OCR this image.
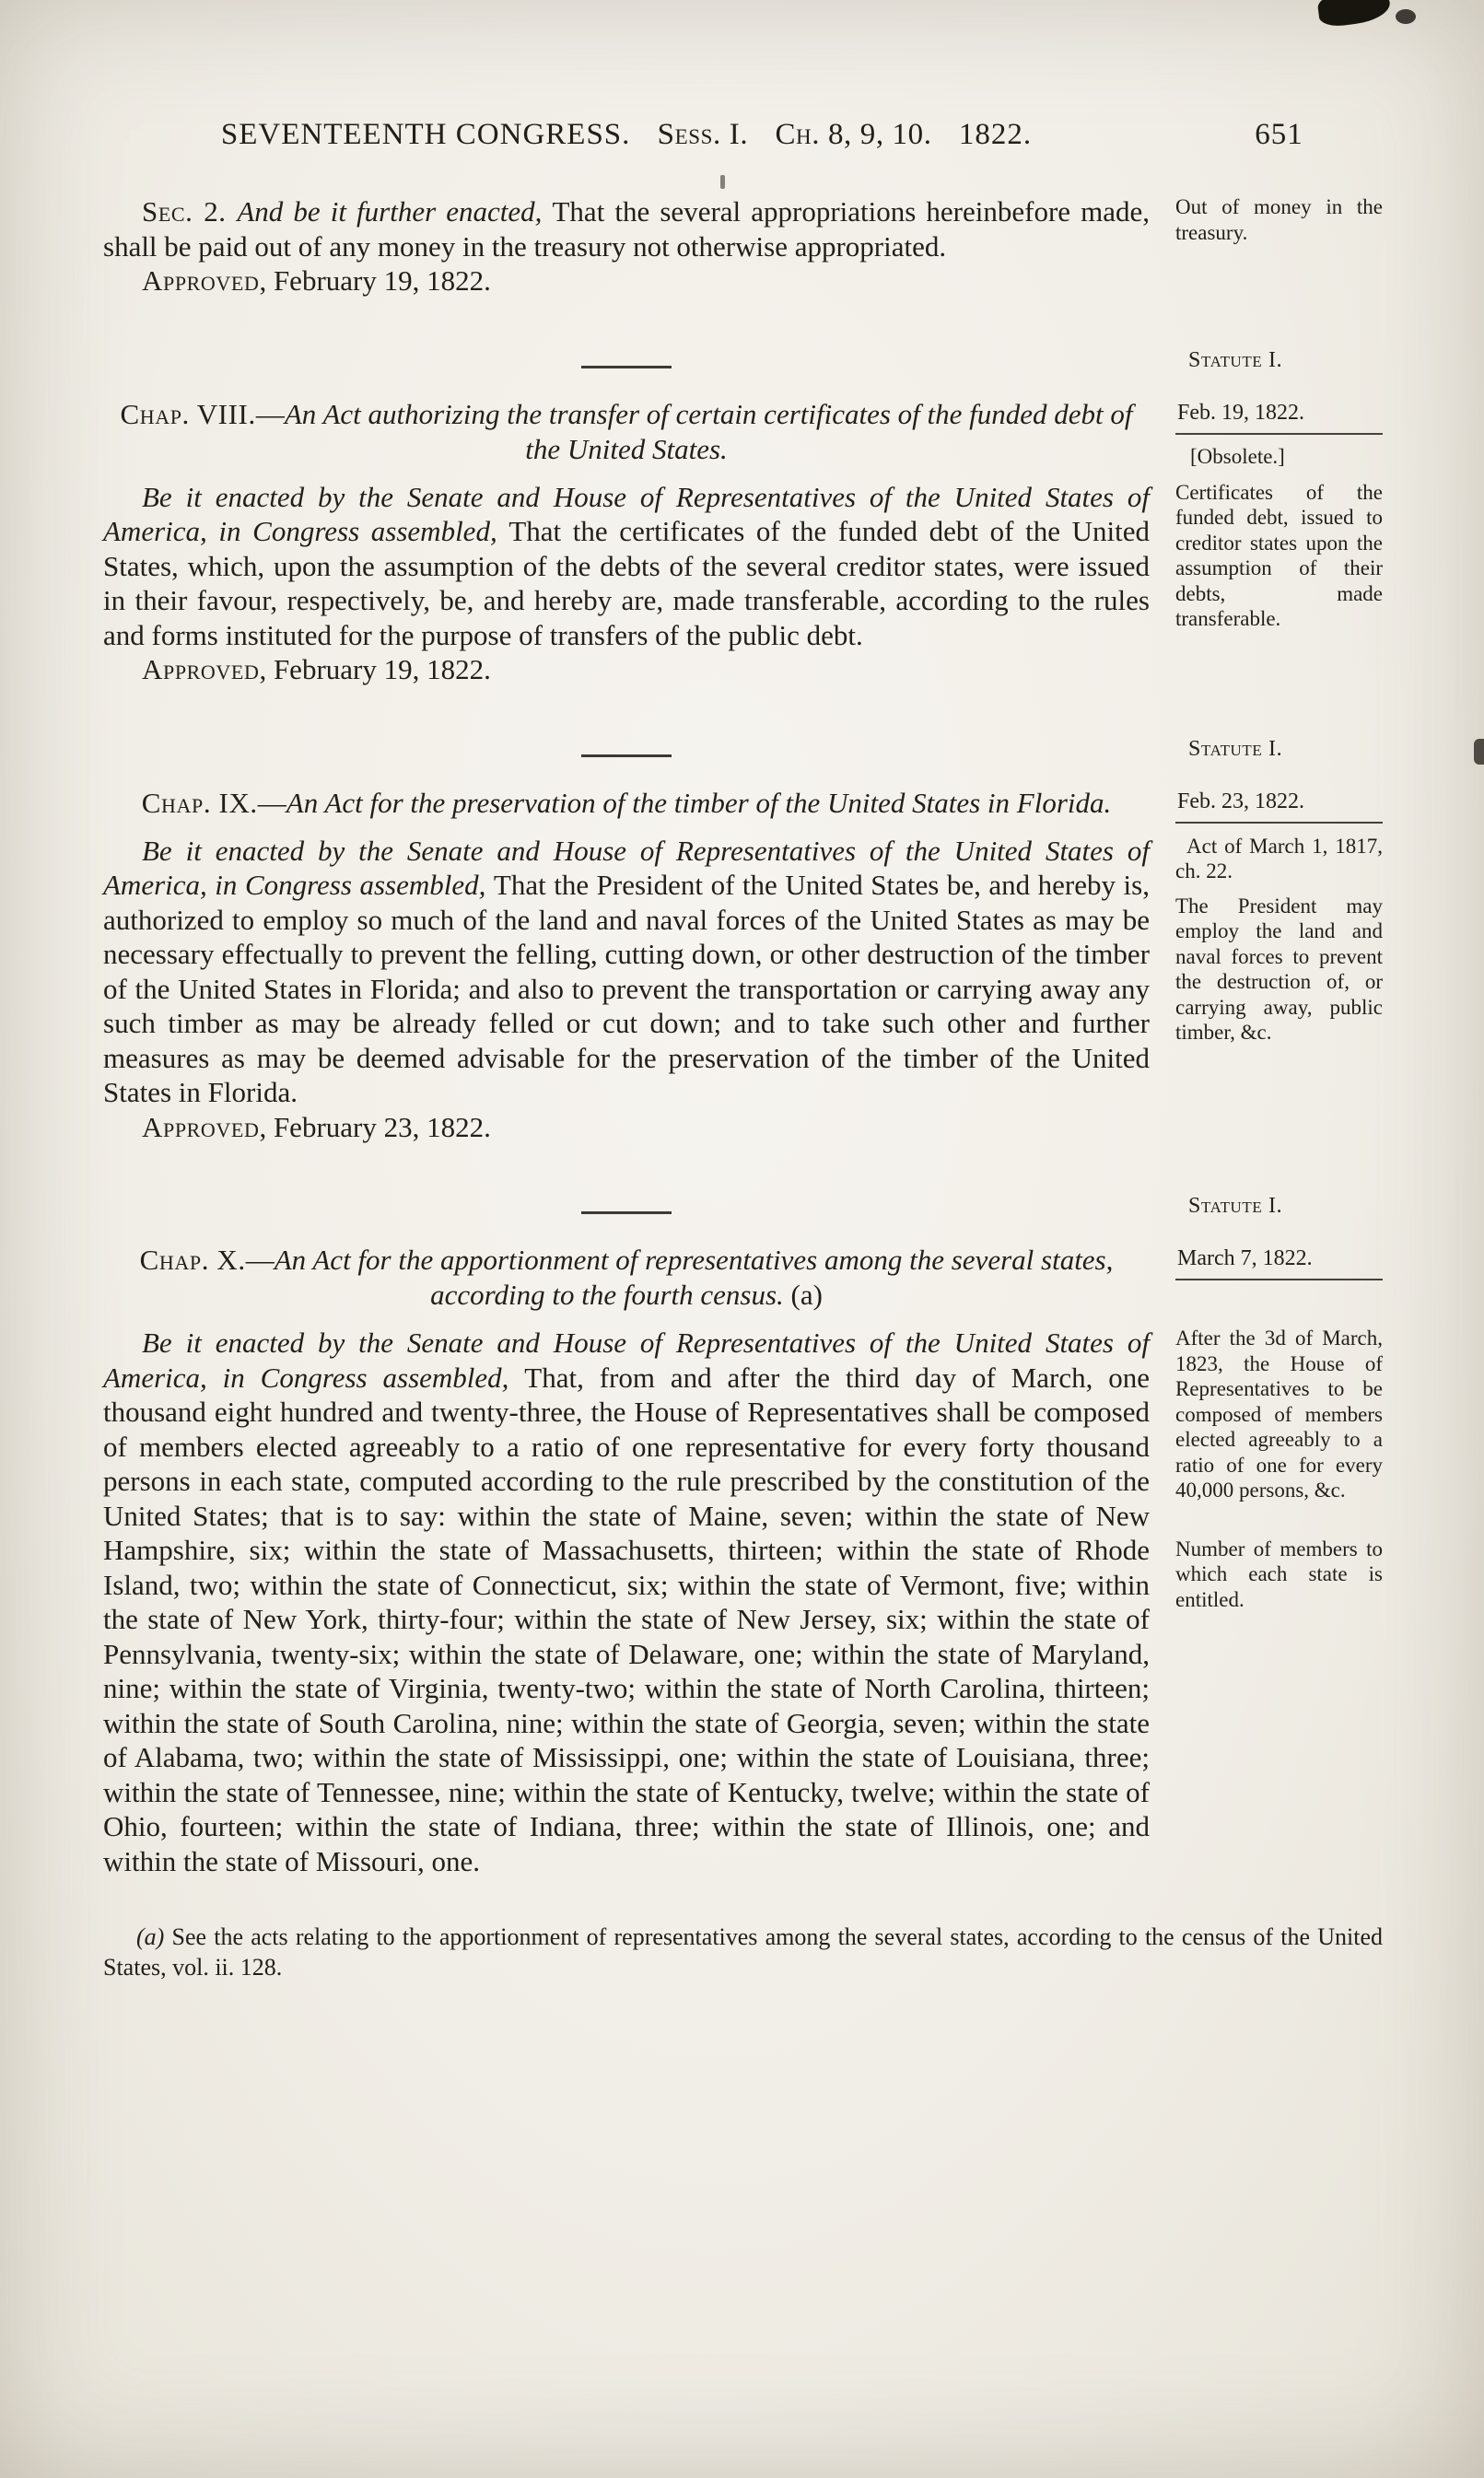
SEVENTEENTH CONGRESS. Sess. I. Ch. 8, 9, 10. 1822.	651

Sec. 2. And be it further enacted, That the several appropriations hereinbefore made, shall be paid out of any money in the treasury not otherwise appropriated.

Approved, February 19, 1822.

Out of money in the treasury.

Statute I.

Chap. VIII.—An Act authorizing the transfer of certain certificates of the funded debt of the United States.

Feb. 19, 1822.

[Obsolete.]

Be it enacted by the Senate and House of Representatives of the United States of America, in Congress assembled, That the certificates of the funded debt of the United States, which, upon the assumption of the debts of the several creditor states, were issued in their favour, respectively, be, and hereby are, made transferable, according to the rules and forms instituted for the purpose of transfers of the public debt.

Approved, February 19, 1822.

Certificates of the funded debt, issued to creditor states upon the assumption of their debts, made transferable.

Statute I.

Chap. IX.—An Act for the preservation of the timber of the United States in Florida.	Feb. 23, 1822.

Be it enacted by the Senate and House of Representatives of the United States of America, in Congress assembled, That the President of the United States be, and hereby is, authorized to employ so much of the land and naval forces of the United States as may be necessary effectually to prevent the felling, cutting down, or other destruction of the timber of the United States in Florida; and also to prevent the transportation or carrying away any such timber as may be already felled or cut down; and to take such other and further measures as may be deemed advisable for the preservation of the timber of the United States in Florida.

Approved, February 23, 1822.

Act of March 1, 1817, ch. 22.

The President may employ the land and naval forces to prevent the destruction of, or carrying away, public timber, &c.

Statute I.

Chap. X.—An Act for the apportionment of representatives among the several states, according to the fourth census. (a)

March 7, 1822.

Be it enacted by the Senate and House of Representatives of the United States of America, in Congress assembled, That, from and after the third day of March, one thousand eight hundred and twenty-three, the House of Representatives shall be composed of members elected agreeably to a ratio of one representative for every forty thousand persons in each state, computed according to the rule prescribed by the constitution of the United States; that is to say: within the state of Maine, seven; within the state of New Hampshire, six; within the state of Massachusetts, thirteen; within the state of Rhode Island, two; within the state of Connecticut, six; within the state of Vermont, five; within the state of New York, thirty-four; within the state of New Jersey, six; within the state of Pennsylvania, twenty-six; within the state of Delaware, one; within the state of Maryland, nine; within the state of Virginia, twenty-two; within the state of North Carolina, thirteen; within the state of South Carolina, nine; within the state of Georgia, seven; within the state of Alabama, two; within the state of Mississippi, one; within the state of Louisiana, three; within the state of Tennessee, nine; within the state of Kentucky, twelve; within the state of Ohio, fourteen; within the state of Indiana, three; within the state of Illinois, one; and within the state of Missouri, one.

After the 3d of March, 1823, the House of Representatives to be composed of members elected agreeably to a ratio of one for every 40,000 persons, &c.

Number of members to which each state is entitled.

(a) See the acts relating to the apportionment of representatives among the several states, according to the census of the United States, vol. ii. 128.
